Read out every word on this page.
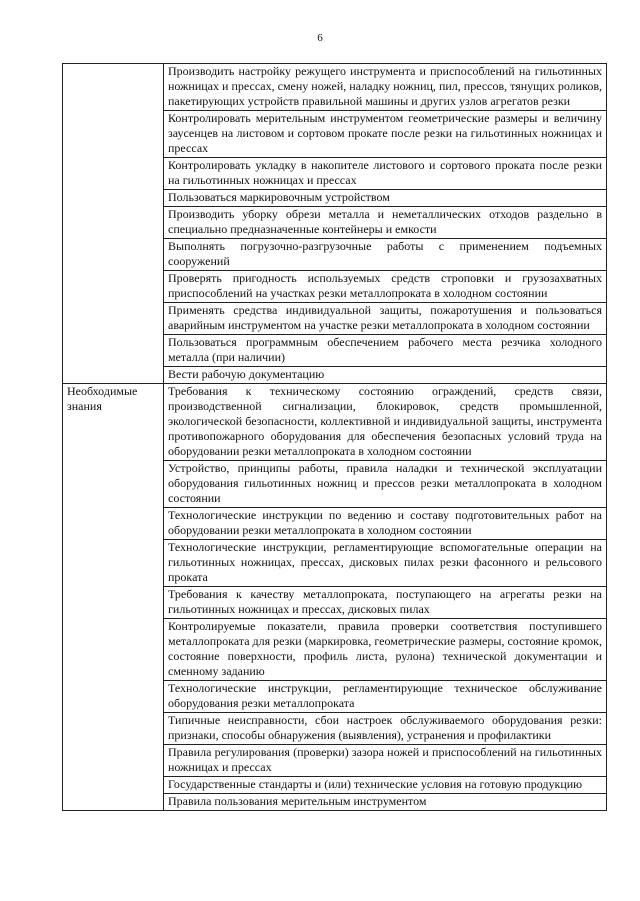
6
	Производить настройку режущего инструмента и приспособлений на гильотинных ножницах и прессах, смену ножей, наладку ножниц, пил, прессов, тянущих роликов, пакетирующих устройств правильной машины и других узлов агрегатов резки
	Контролировать мерительным инструментом геометрические размеры и величину заусенцев на листовом и сортовом прокате после резки на гильотинных ножницах и прессах
	Контролировать укладку в накопителе листового и сортового проката после резки на гильотинных ножницах и прессах
	Пользоваться маркировочным устройством
	Производить уборку обрези металла и неметаллических отходов раздельно в специально предназначенные контейнеры и емкости
	Выполнять погрузочно-разгрузочные работы с применением подъемных сооружений
	Проверять пригодность используемых средств строповки и грузозахватных приспособлений на участках резки металлопроката в холодном состоянии
	Применять средства индивидуальной защиты, пожаротушения и пользоваться аварийным инструментом на участке резки металлопроката в холодном состоянии
	Пользоваться программным обеспечением рабочего места резчика холодного металла (при наличии)
	Вести рабочую документацию
Необходимые знания	Требования к техническому состоянию ограждений, средств связи, производственной сигнализации, блокировок, средств промышленной, экологической безопасности, коллективной и индивидуальной защиты, инструмента противопожарного оборудования для обеспечения безопасных условий труда на оборудовании резки металлопроката в холодном состоянии
	Устройство, принципы работы, правила наладки и технической эксплуатации оборудования гильотинных ножниц и прессов резки металлопроката в холодном состоянии
	Технологические инструкции по ведению и составу подготовительных работ на оборудовании резки металлопроката в холодном состоянии
	Технологические инструкции, регламентирующие вспомогательные операции на гильотинных ножницах, прессах, дисковых пилах резки фасонного и рельсового проката
	Требования к качеству металлопроката, поступающего на агрегаты резки на гильотинных ножницах и прессах, дисковых пилах
	Контролируемые показатели, правила проверки соответствия поступившего металлопроката для резки (маркировка, геометрические размеры, состояние кромок, состояние поверхности, профиль листа, рулона) технической документации и сменному заданию
	Технологические инструкции, регламентирующие техническое обслуживание оборудования резки металлопроката
	Типичные неисправности, сбои настроек обслуживаемого оборудования резки: признаки, способы обнаружения (выявления), устранения и профилактики
	Правила регулирования (проверки) зазора ножей и приспособлений на гильотинных ножницах и прессах
	Государственные стандарты и (или) технические условия на готовую продукцию
	Правила пользования мерительным инструментом
